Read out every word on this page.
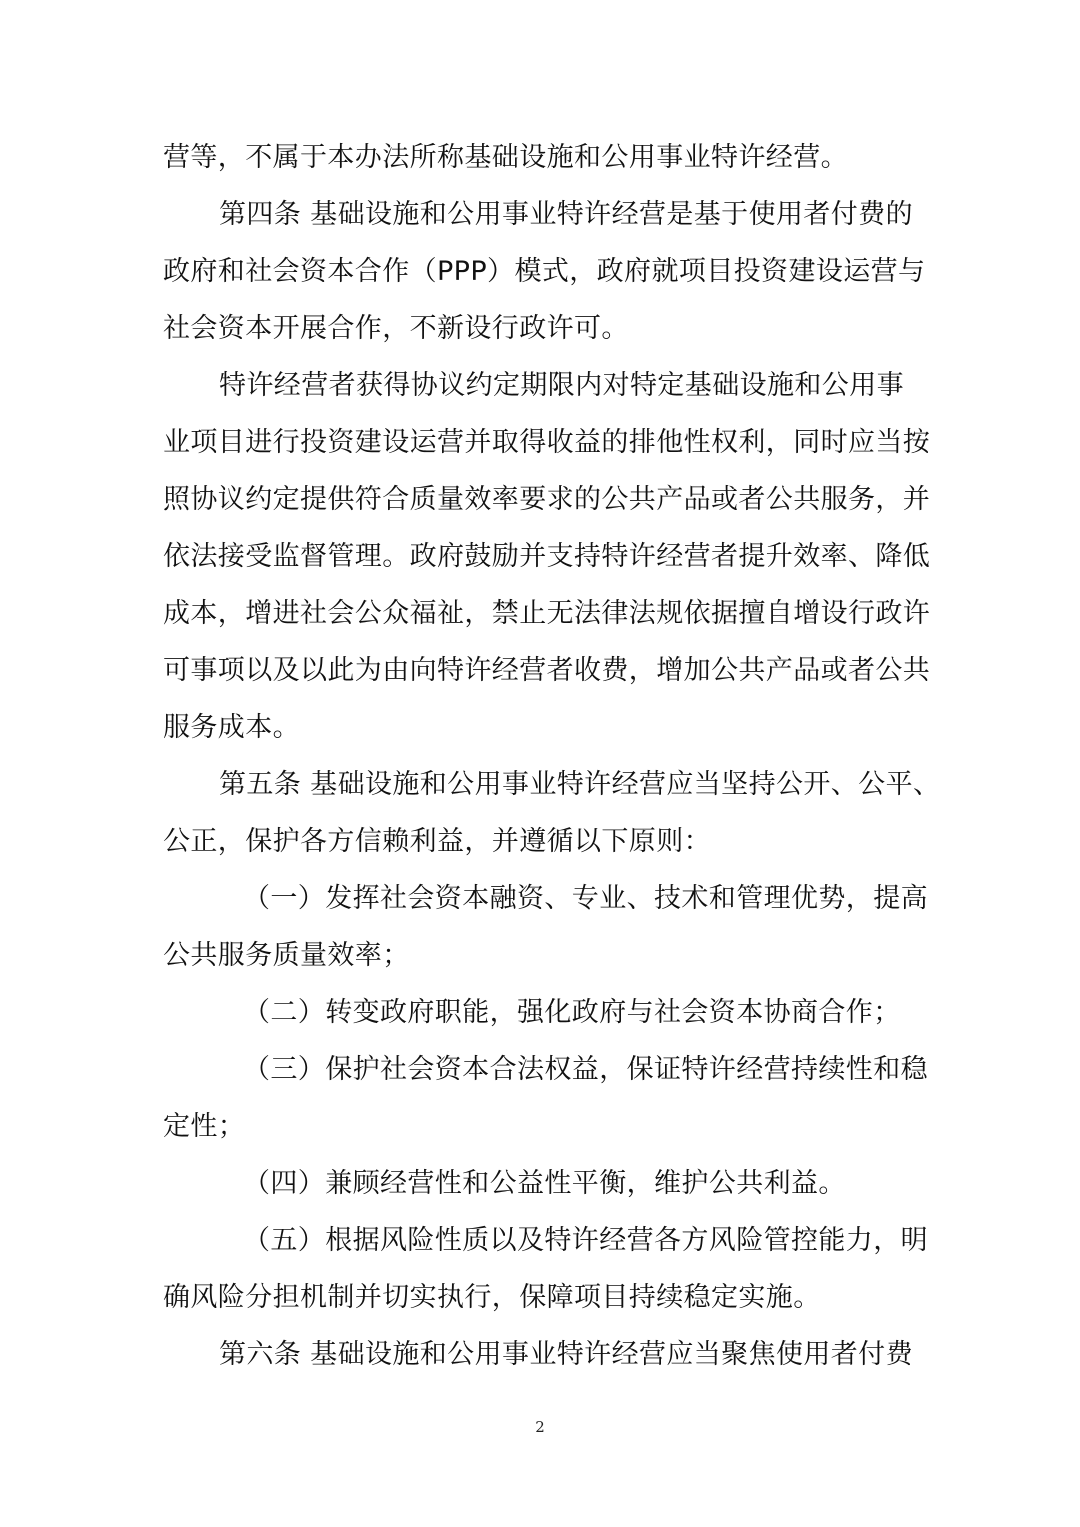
营等，不属于本办法所称基础设施和公用事业特许经营。
第四条 基础设施和公用事业特许经营是基于使用者付费的
政府和社会资本合作（PPP）模式，政府就项目投资建设运营与
社会资本开展合作，不新设行政许可。
特许经营者获得协议约定期限内对特定基础设施和公用事
业项目进行投资建设运营并取得收益的排他性权利，同时应当按
照协议约定提供符合质量效率要求的公共产品或者公共服务，并
依法接受监督管理。政府鼓励并支持特许经营者提升效率、降低
成本，增进社会公众福祉，禁止无法律法规依据擅自增设行政许
可事项以及以此为由向特许经营者收费，增加公共产品或者公共
服务成本。
第五条 基础设施和公用事业特许经营应当坚持公开、公平、
公正，保护各方信赖利益，并遵循以下原则：
（一）发挥社会资本融资、专业、技术和管理优势，提高
公共服务质量效率；
（二）转变政府职能，强化政府与社会资本协商合作；
（三）保护社会资本合法权益，保证特许经营持续性和稳
定性；
（四）兼顾经营性和公益性平衡，维护公共利益。
（五）根据风险性质以及特许经营各方风险管控能力，明
确风险分担机制并切实执行，保障项目持续稳定实施。
第六条 基础设施和公用事业特许经营应当聚焦使用者付费
2
